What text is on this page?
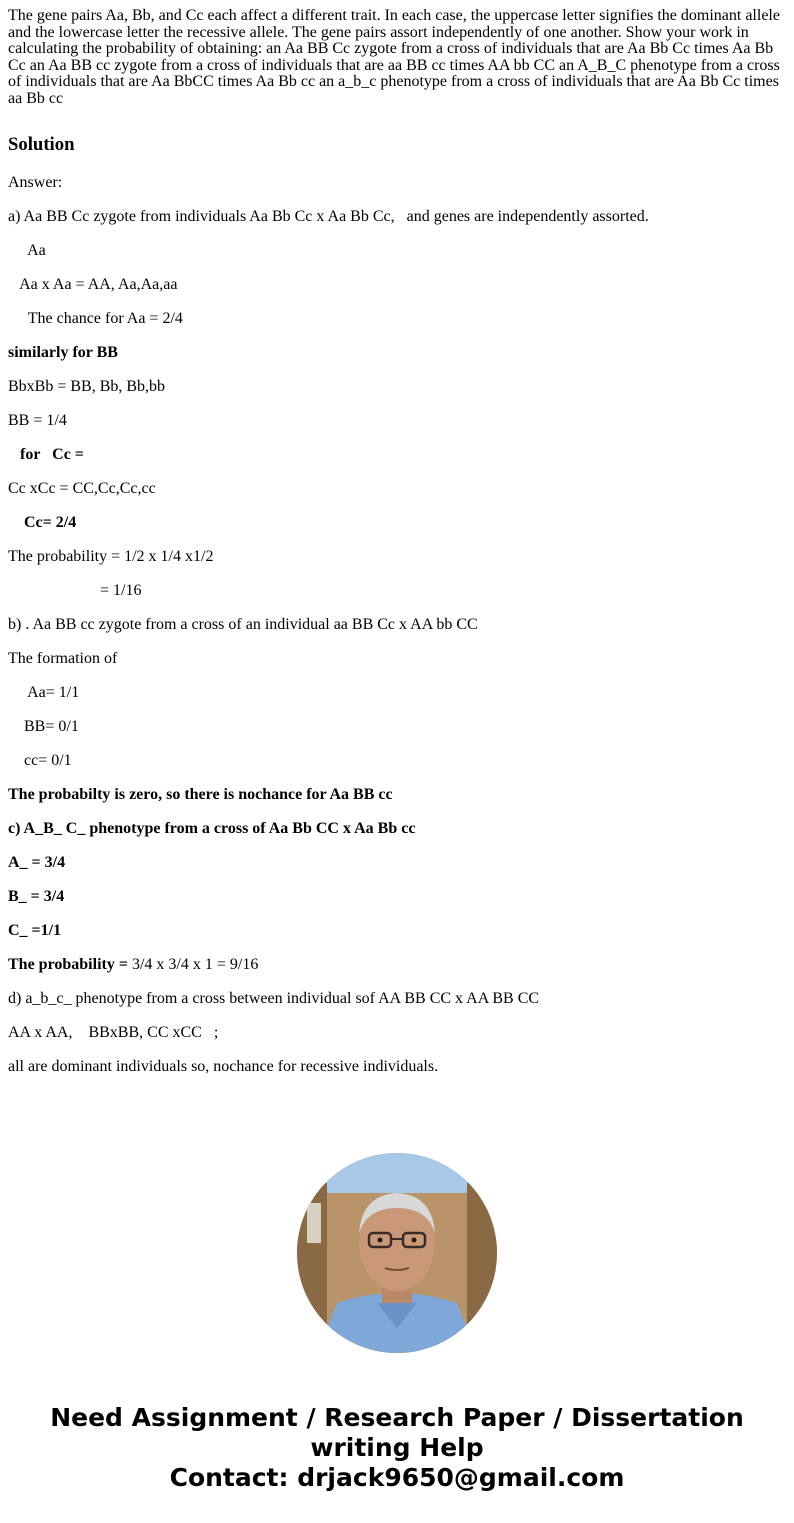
The gene pairs Aa, Bb, and Cc each affect a different trait. In each case, the uppercase letter signifies the dominant allele and the lowercase letter the recessive allele. The gene pairs assort independently of one another. Show your work in calculating the probability of obtaining: an Aa BB Cc zygote from a cross of individuals that are Aa Bb Cc times Aa Bb Cc an Aa BB cc zygote from a cross of individuals that are aa BB cc times AA bb CC an A_B_C phenotype from a cross of individuals that are Aa BbCC times Aa Bb cc an a_b_c phenotype from a cross of individuals that are Aa Bb Cc times aa Bb cc

Solution

Answer:

a) Aa BB Cc zygote from individuals Aa Bb Cc x Aa Bb Cc,   and genes are independently assorted.

Aa

Aa x Aa = AA, Aa,Aa,aa

The chance for Aa = 2/4

similarly for BB

BbxBb = BB, Bb, Bb,bb

BB = 1/4

for   Cc =

Cc xCc = CC,Cc,Cc,cc

Cc= 2/4

The probability = 1/2 x 1/4 x1/2

= 1/16

b) . Aa BB cc zygote from a cross of an individual aa BB Cc x AA bb CC

The formation of

Aa= 1/1

BB= 0/1

cc= 0/1

The probabilty is zero, so there is nochance for Aa BB cc

c) A_B_ C_ phenotype from a cross of Aa Bb CC x Aa Bb cc

A_ = 3/4

B_ = 3/4

C_ =1/1

The probability = 3/4 x 3/4 x 1 = 9/16

d) a_b_c_ phenotype from a cross between individual sof AA BB CC x AA BB CC

AA x AA,    BBxBB, CC xCC   ;

all are dominant individuals so, nochance for recessive individuals.

Need Assignment / Research Paper / Dissertation
writing Help
Contact: drjack9650@gmail.com
